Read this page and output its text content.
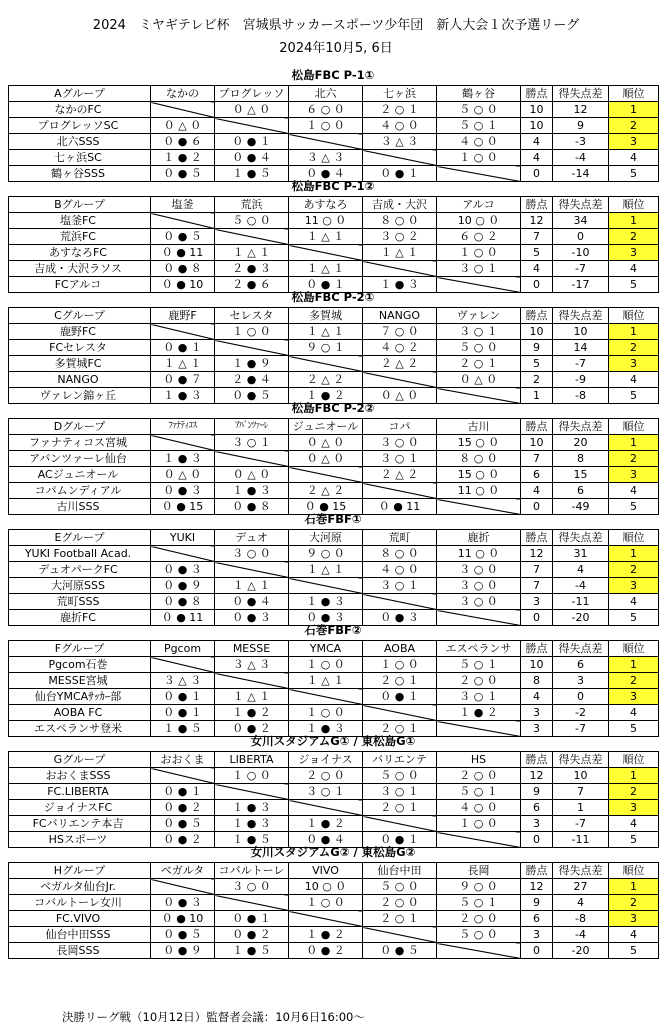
2024　ミヤギテレビ杯　宮城県サッカースポーツ少年団　新人大会１次予選リーグ
2024年10月5, 6日
松島FBC P-1①
Aグループ	なかの	プログレッソ	北六	七ヶ浜	鶴ヶ谷	勝点	得失点差	順位
なかのFC		０ △ ０	６ ○ ０	２ ○ １	５ ○ ０	10	12	1
プログレッソSC	０ △ ０		１ ○ ０	４ ○ ０	５ ○ １	10	9	2
北六SSS	０ ● ６	０ ● １		３ △ ３	４ ○ ０	4	-3	3
七ヶ浜SC	１ ● ２	０ ● ４	３ △ ３		１ ○ ０	4	-4	4
鶴ヶ谷SSS	０ ● ５	１ ● ５	０ ● ４	０ ● １		0	-14	5
松島FBC P-1②
Bグループ	塩釜	荒浜	あすなろ	吉成・大沢	アルコ	勝点	得失点差	順位
塩釜FC		５ ○ ０	11 ○ ０	８ ○ ０	10 ○ ０	12	34	1
荒浜FC	０ ● ５		１ △ １	３ ○ ２	６ ○ ２	7	0	2
あすなろFC	０ ● 11	１ △ １		１ △ １	１ ○ ０	5	-10	3
吉成・大沢ラソス	０ ● ８	２ ● ３	１ △ １		３ ○ １	4	-7	4
FCアルコ	０ ● 10	２ ● ６	０ ● １	１ ● ３		0	-17	5
松島FBC P-2①
Cグループ	鹿野F	セレスタ	多賀城	NANGO	ヴァレン	勝点	得失点差	順位
鹿野FC		１ ○ ０	１ △ １	７ ○ ０	３ ○ １	10	10	1
FCセレスタ	０ ● １		９ ○ １	４ ○ ２	５ ○ ０	9	14	2
多賀城FC	１ △ １	１ ● ９		２ △ ２	２ ○ １	5	-7	3
NANGO	０ ● ７	２ ● ４	２ △ ２		０ △ ０	2	-9	4
ヴァレン錦ヶ丘	１ ● ３	０ ● ５	１ ● ２	０ △ ０		1	-8	5
松島FBC P-2②
Dグループ	ﾌｧﾅﾃｨｺｽ	ｱﾊﾞﾝﾂｧｰﾚ	ジュニオール	コパ	古川	勝点	得失点差	順位
ファナティコス宮城		３ ○ １	０ △ ０	３ ○ ０	15 ○ ０	10	20	1
アバンツァーレ仙台	１ ● ３		０ △ ０	３ ○ １	８ ○ ０	7	8	2
ACジュニオール	０ △ ０	０ △ ０		２ △ ２	15 ○ ０	6	15	3
コパムンディアル	０ ● ３	１ ● ３	２ △ ２		11 ○ ０	4	6	4
古川SSS	０ ● 15	０ ● ８	０ ● 15	０ ● 11		0	-49	5
石巻FBF①
Eグループ	YUKI	デュオ	大河原	荒町	鹿折	勝点	得失点差	順位
YUKI Football Acad.		３ ○ ０	９ ○ ０	８ ○ ０	11 ○ ０	12	31	1
デュオパークFC	０ ● ３		１ △ １	４ ○ ０	３ ○ ０	7	4	2
大河原SSS	０ ● ９	１ △ １		３ ○ １	３ ○ ０	7	-4	3
荒町SSS	０ ● ８	０ ● ４	１ ● ３		３ ○ ０	3	-11	4
鹿折FC	０ ● 11	０ ● ３	０ ● ３	０ ● ３		0	-20	5
石巻FBF②
Fグループ	Pgcom	MESSE	YMCA	AOBA	エスペランサ	勝点	得失点差	順位
Pgcom石巻		３ △ ３	１ ○ ０	１ ○ ０	５ ○ １	10	6	1
MESSE宮城	３ △ ３		１ △ １	２ ○ １	２ ○ ０	8	3	2
仙台YMCAｻｯｶｰ部	０ ● １	１ △ １		０ ● １	３ ○ １	4	0	3
AOBA FC	０ ● １	１ ● ２	１ ○ ０		１ ● ２	3	-2	4
エスペランサ登米	１ ● ５	０ ● ２	１ ● ３	２ ○ １		3	-7	5
女川スタジアムG① / 東松島G①
Gグループ	おおくま	LIBERTA	ジョイナス	バリエンテ	HS	勝点	得失点差	順位
おおくまSSS		１ ○ ０	２ ○ ０	５ ○ ０	２ ○ ０	12	10	1
FC.LIBERTA	０ ● １		３ ○ １	３ ○ １	５ ○ １	9	7	2
ジョイナスFC	０ ● ２	１ ● ３		２ ○ １	４ ○ ０	6	1	3
FCバリエンテ本吉	０ ● ５	１ ● ３	１ ● ２		１ ○ ０	3	-7	4
HSスポーツ	０ ● ２	１ ● ５	０ ● ４	０ ● １		0	-11	5
女川スタジアムG② / 東松島G②
Hグループ	ベガルタ	コバルトーレ	VIVO	仙台中田	長岡	勝点	得失点差	順位
ベガルタ仙台Jr.		３ ○ ０	10 ○ ０	５ ○ ０	９ ○ ０	12	27	1
コバルトーレ女川	０ ● ３		１ ○ ０	２ ○ ０	５ ○ １	9	4	2
FC.VIVO	０ ● 10	０ ● １		２ ○ １	２ ○ ０	6	-8	3
仙台中田SSS	０ ● ５	０ ● ２	１ ● ２		５ ○ ０	3	-4	4
長岡SSS	０ ● ９	１ ● ５	０ ● ２	０ ● ５		0	-20	5
決勝リーグ戦（10月12日）監督者会議：10月6日16:00～
